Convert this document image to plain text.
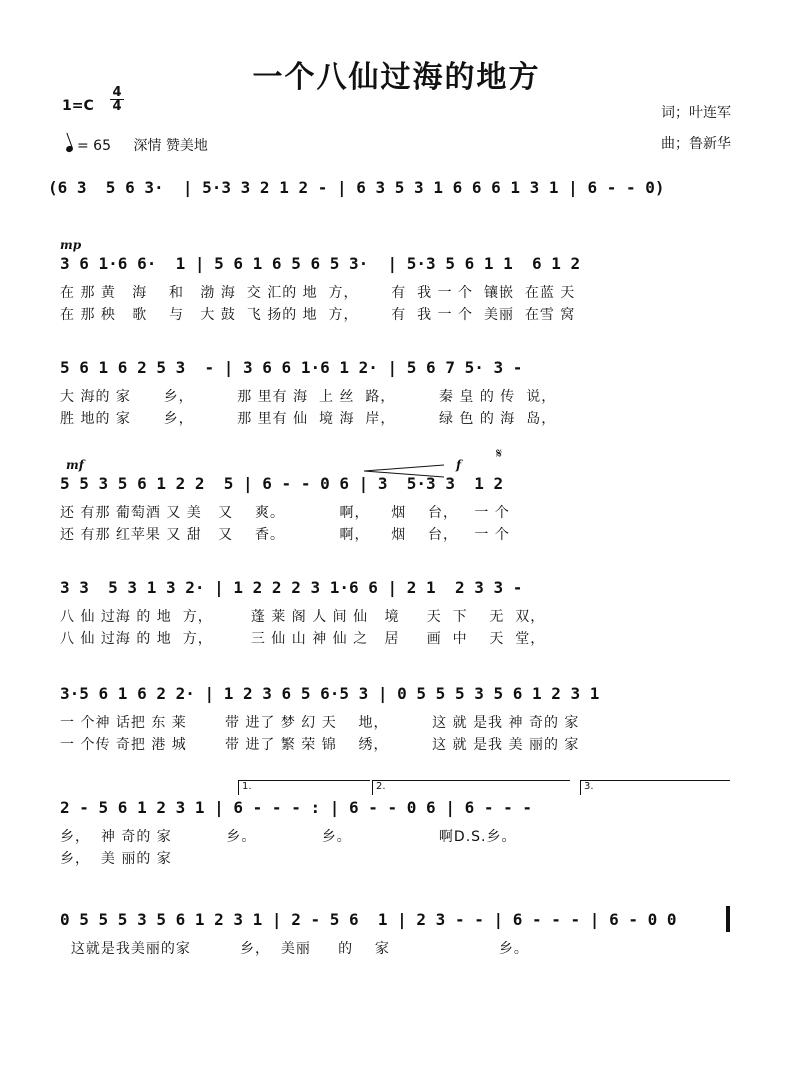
一个八仙过海的地方
1=C
4
4
= 65 深情 赞美地
词；叶连军
曲；鲁新华
(6 3  5 6 3·  | 5·3 3 2 1 2 - | 6 3 5 3 1 6 6 6 1 3 1 | 6 - - 0)
mp
3 6 1·6 6·  1 | 5 6 1 6 5 6 5 3·  | 5·3 5 6 1 1  6 1 2
在 那 黄   海    和   渤 海  交 汇的 地  方，      有  我 一 个  镶嵌  在蓝 天
在 那 秧   歌    与   大 鼓  飞 扬的 地  方，      有  我 一 个  美丽  在雪 窝
5 6 1 6 2 5 3  - | 3 6 6 1·6 1 2· | 5 6 7 5· 3 -
大 海的 家      乡，        那 里有 海  上 丝  路，        秦 皇 的 传  说，
胜 地的 家      乡，        那 里有 仙  境 海  岸，        绿 色 的 海  岛，
mf	f
𝄋
5 5 3 5 6 1 2 2  5 | 6 - - 0 6 | 3  5·3 3  1 2
还 有那 葡萄酒 又 美   又    爽。          啊，    烟    台，   一 个
还 有那 红苹果 又 甜   又    香。          啊，    烟    台，   一 个
3 3  5 3 1 3 2· | 1 2 2 2 3 1·6 6 | 2 1  2 3 3 -
八 仙 过海 的 地  方，       蓬 莱 阁 人 间 仙   境     天  下    无  双，
八 仙 过海 的 地  方，       三 仙 山 神 仙 之   居     画  中    天  堂，
3·5 6 1 6 2 2· | 1 2 3 6 5 6·5 3 | 0 5 5 5 3 5 6 1 2 3 1
一 个神 话把 东 莱       带 进了 梦 幻 天    地，        这 就 是我 神 奇的 家
一 个传 奇把 港 城       带 进了 繁 荣 锦    绣，        这 就 是我 美 丽的 家
1.	2.	3.
2 - 5 6 1 2 3 1 | 6 - - - : | 6 - - 0 6 | 6 - - -
乡，  神 奇的 家          乡。            乡。                啊D.S.乡。
乡，  美 丽的 家
0 5 5 5 3 5 6 1 2 3 1 | 2 - 5 6  1 | 2 3 - - | 6 - - - | 6 - 0 0
这就是我美丽的家         乡，  美丽     的    家                    乡。
